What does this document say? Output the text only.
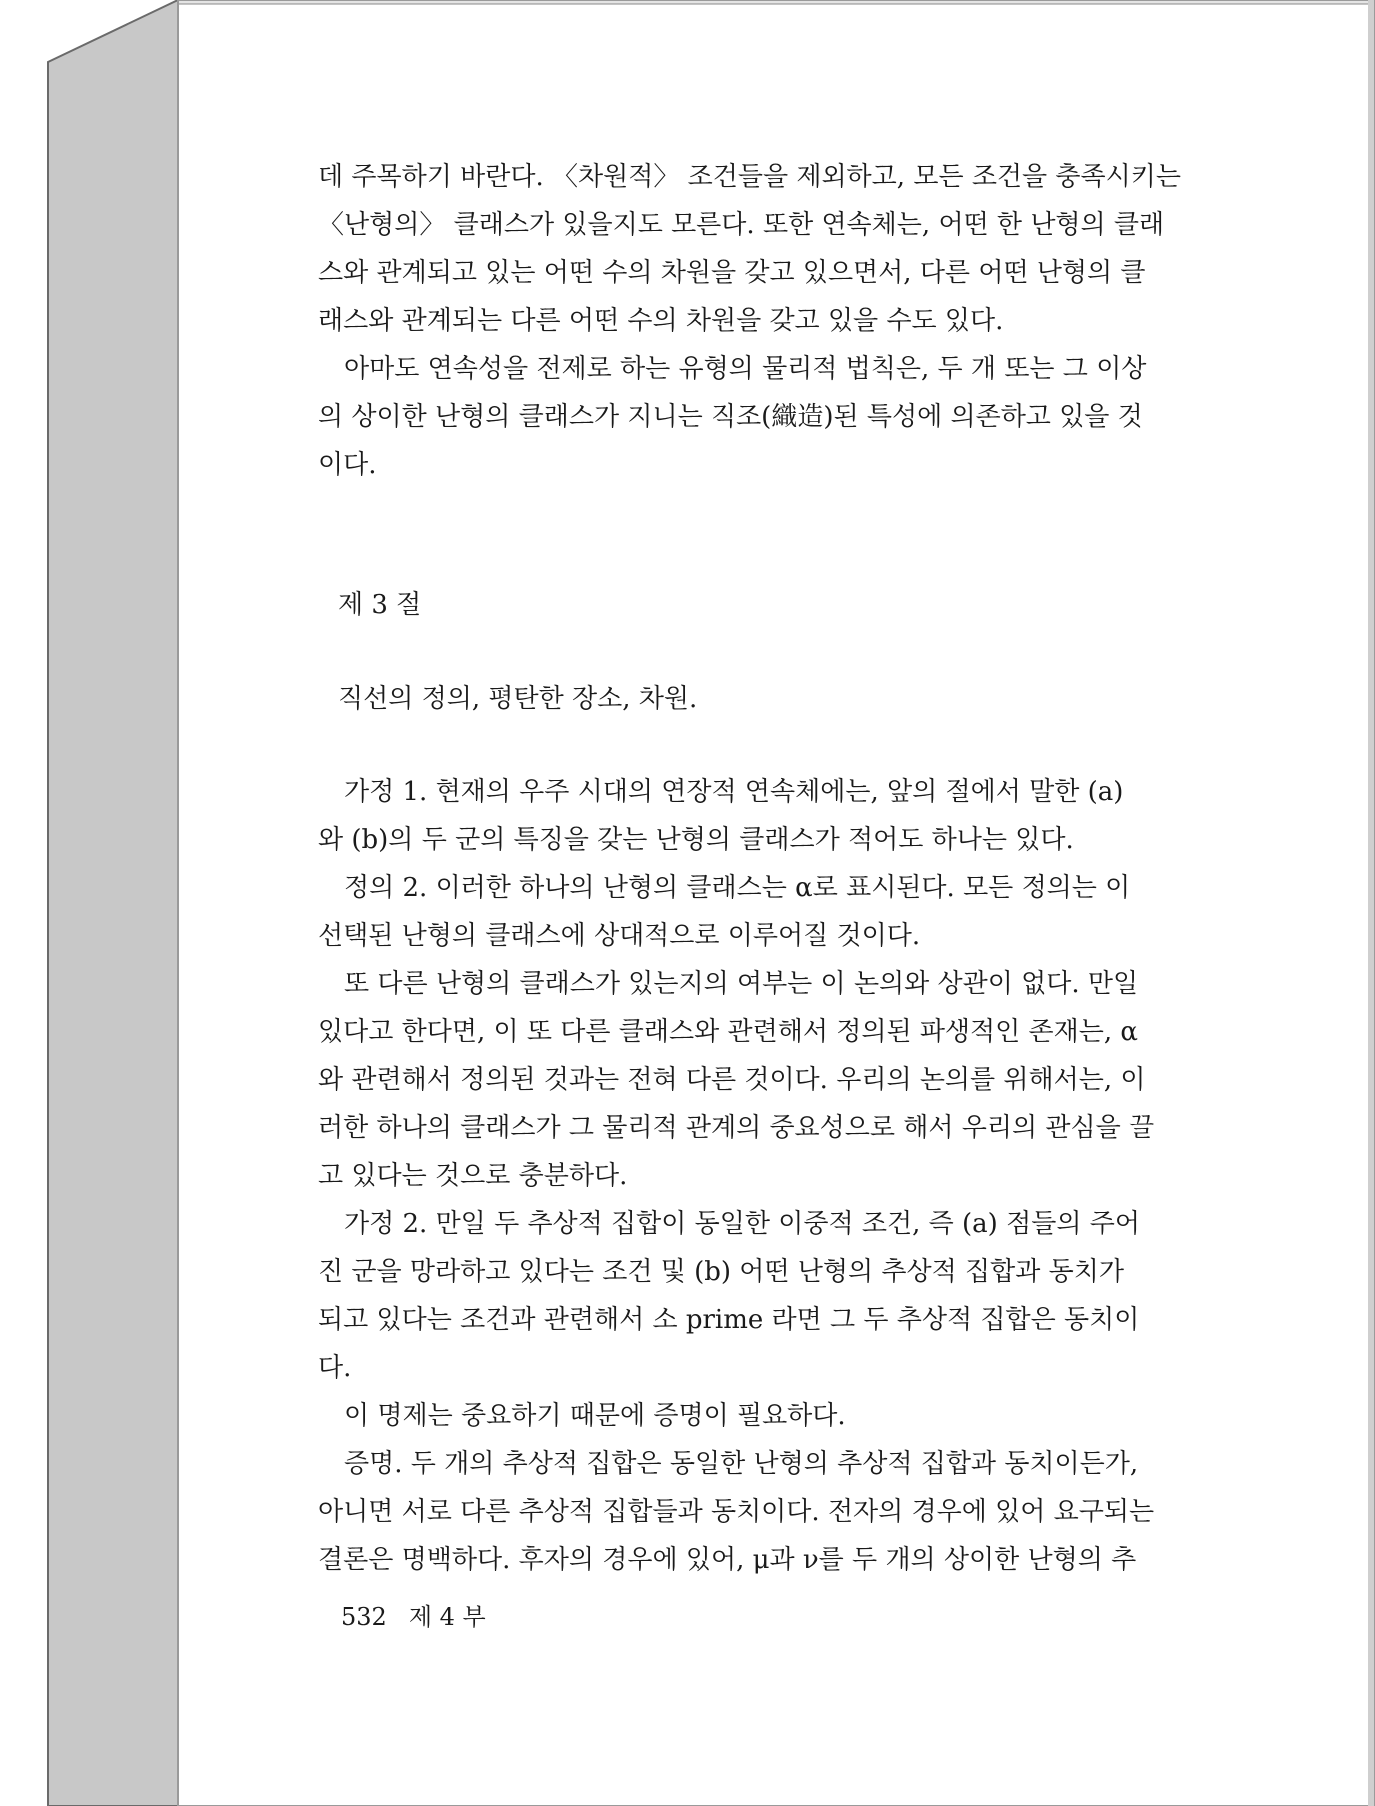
데 주목하기 바란다. 〈차원적〉 조건들을 제외하고, 모든 조건을 충족시키는
〈난형의〉 클래스가 있을지도 모른다. 또한 연속체는, 어떤 한 난형의 클래
스와 관계되고 있는 어떤 수의 차원을 갖고 있으면서, 다른 어떤 난형의 클
래스와 관계되는 다른 어떤 수의 차원을 갖고 있을 수도 있다.
　아마도 연속성을 전제로 하는 유형의 물리적 법칙은, 두 개 또는 그 이상
의 상이한 난형의 클래스가 지니는 직조(織造)된 특성에 의존하고 있을 것
이다.
제 3 절
직선의 정의, 평탄한 장소, 차원.
　가정 1. 현재의 우주 시대의 연장적 연속체에는, 앞의 절에서 말한 (a)
와 (b)의 두 군의 특징을 갖는 난형의 클래스가 적어도 하나는 있다.
　정의 2. 이러한 하나의 난형의 클래스는 α로 표시된다. 모든 정의는 이
선택된 난형의 클래스에 상대적으로 이루어질 것이다.
　또 다른 난형의 클래스가 있는지의 여부는 이 논의와 상관이 없다. 만일
있다고 한다면, 이 또 다른 클래스와 관련해서 정의된 파생적인 존재는, α
와 관련해서 정의된 것과는 전혀 다른 것이다. 우리의 논의를 위해서는, 이
러한 하나의 클래스가 그 물리적 관계의 중요성으로 해서 우리의 관심을 끌
고 있다는 것으로 충분하다.
　가정 2. 만일 두 추상적 집합이 동일한 이중적 조건, 즉 (a) 점들의 주어
진 군을 망라하고 있다는 조건 및 (b) 어떤 난형의 추상적 집합과 동치가
되고 있다는 조건과 관련해서 소 prime 라면 그 두 추상적 집합은 동치이
다.
　이 명제는 중요하기 때문에 증명이 필요하다.
　증명. 두 개의 추상적 집합은 동일한 난형의 추상적 집합과 동치이든가,
아니면 서로 다른 추상적 집합들과 동치이다. 전자의 경우에 있어 요구되는
결론은 명백하다. 후자의 경우에 있어, μ과 ν를 두 개의 상이한 난형의 추
532 제 4 부
